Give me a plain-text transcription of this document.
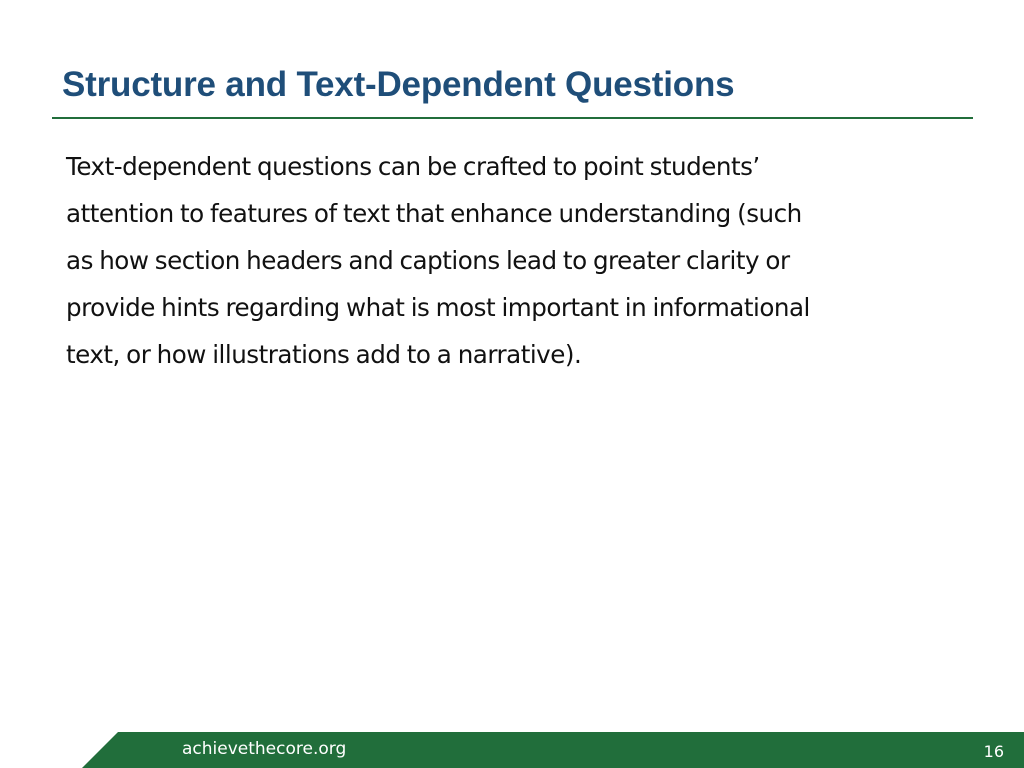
Structure and Text-Dependent Questions

Text-dependent questions can be crafted to point students’
attention to features of text that enhance understanding (such
as how section headers and captions lead to greater clarity or
provide hints regarding what is most important in informational
text, or how illustrations add to a narrative).

achievethecore.org	16
